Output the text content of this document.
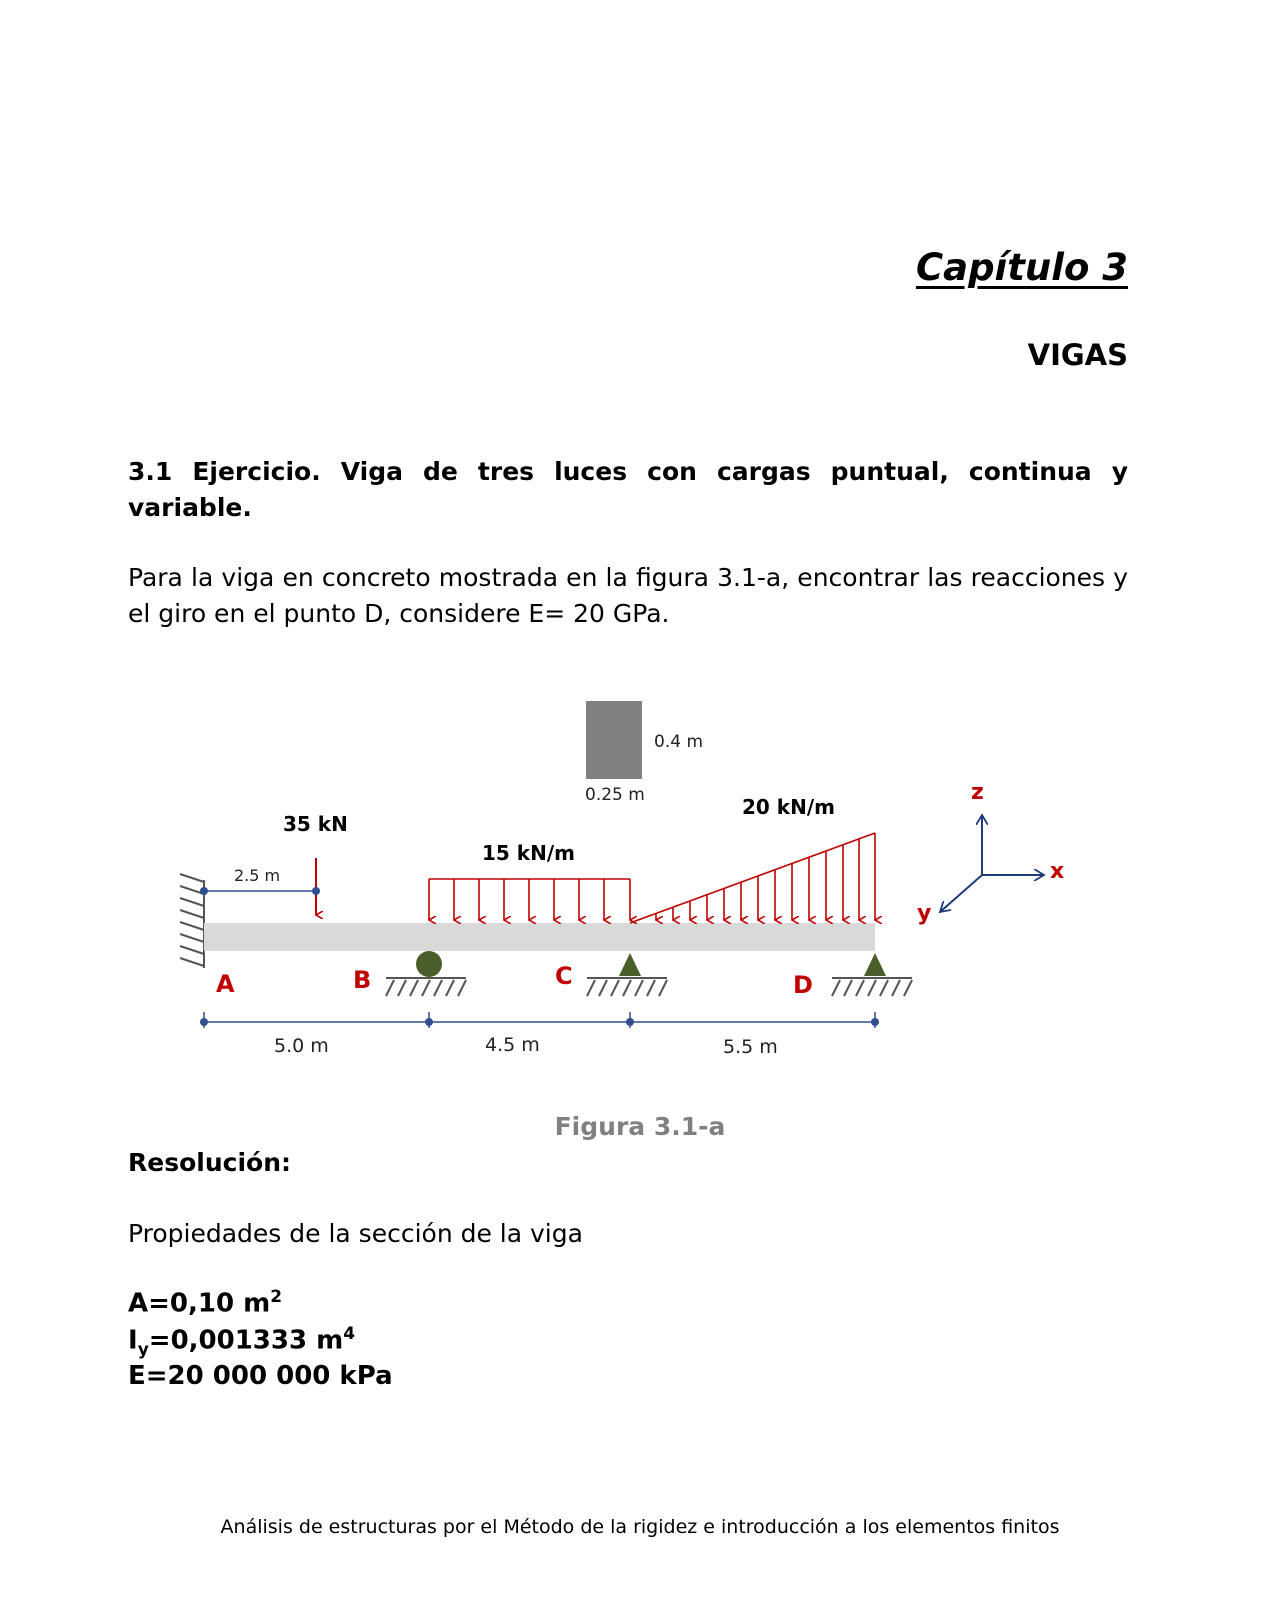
Capítulo 3
VIGAS
3.1 Ejercicio. Viga de tres luces con cargas puntual, continua y variable.
Para la viga en concreto mostrada en la figura 3.1-a, encontrar las reacciones y el giro en el punto D, considere E= 20 GPa.
0.4 m
0.25 m
35 kN
2.5 m
15 kN/m
20 kN/m
A	B	C	D
5.0 m	4.5 m	5.5 m
z
x
y
Figura 3.1-a
Resolución:
Propiedades de la sección de la viga
A=0,10 $m^2$
$I_y=0,001333$ $m^4$
E=20 000 000 kPa
Análisis de estructuras por el Método de la rigidez e introducción a los elementos finitos
